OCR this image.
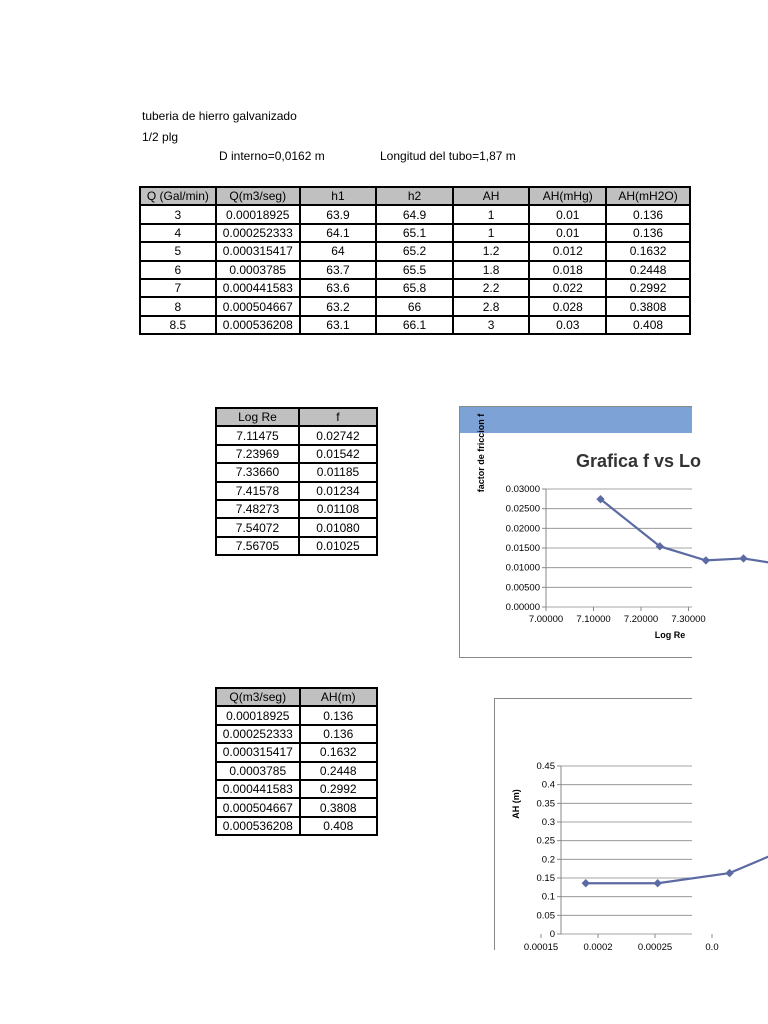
tuberia de hierro galvanizado
1/2 plg
D interno=0,0162 m	Longitud del tubo=1,87 m
Q (Gal/min)	Q(m3/seg)	h1	h2	AH	AH(mHg)	AH(mH2O)
3	0.00018925	63.9	64.9	1	0.01	0.136
4	0.000252333	64.1	65.1	1	0.01	0.136
5	0.000315417	64	65.2	1.2	0.012	0.1632
6	0.0003785	63.7	65.5	1.8	0.018	0.2448
7	0.000441583	63.6	65.8	2.2	0.022	0.2992
8	0.000504667	63.2	66	2.8	0.028	0.3808
8.5	0.000536208	63.1	66.1	3	0.03	0.408
Log Re	f
7.11475	0.02742
7.23969	0.01542
7.33660	0.01185
7.41578	0.01234
7.48273	0.01108
7.54072	0.01080
7.56705	0.01025
Q(m3/seg)	AH(m)
0.00018925	0.136
0.000252333	0.136
0.000315417	0.1632
0.0003785	0.2448
0.000441583	0.2992
0.000504667	0.3808
0.000536208	0.408
Grafica f vs Lo
factor de friccion f
0.00000
0.00500
0.01000
0.01500
0.02000
0.02500
0.03000
7.00000 7.10000 7.20000 7.30000
Log Re
AH (m)
0
0.05
0.1
0.15
0.2
0.25
0.3
0.35
0.4
0.45
0.00015	0.0002	0.00025	0.0
